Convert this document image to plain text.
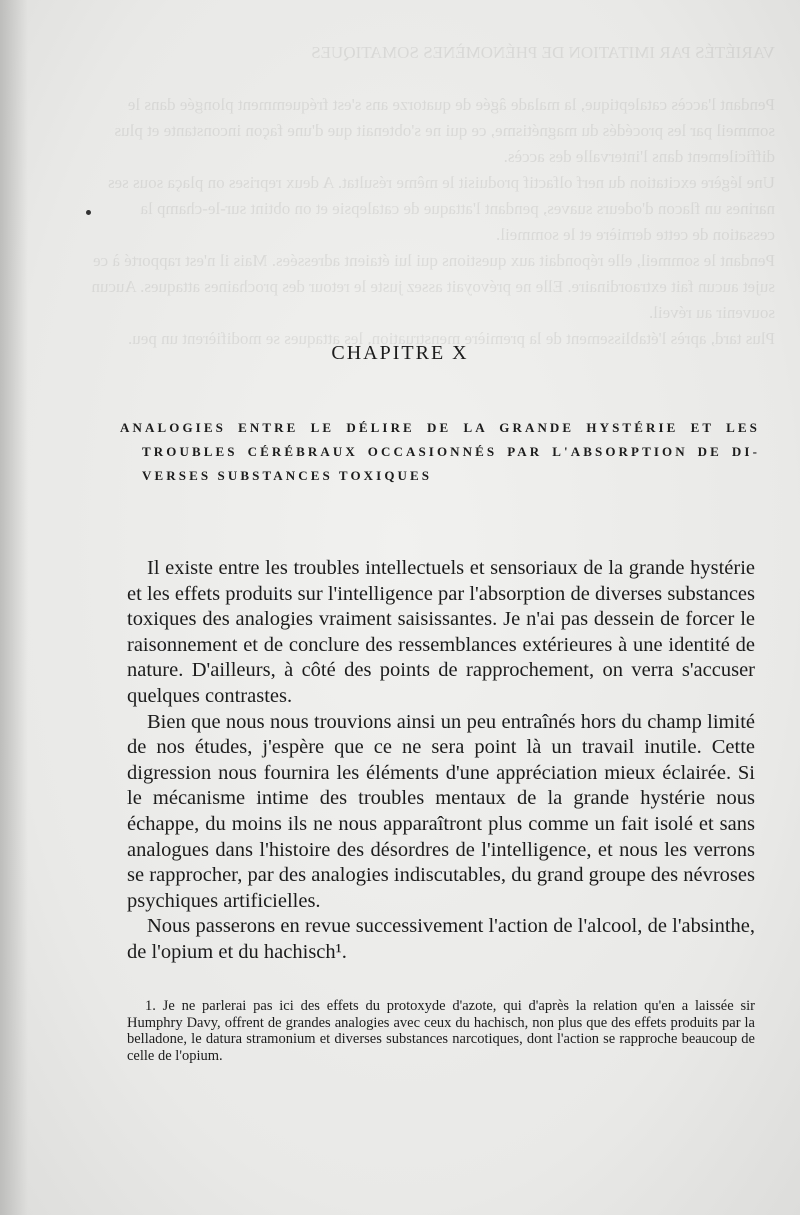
VARIÉTÉS PAR IMITATION DE PHÉNOMÈNES SOMATIQUES

Pendant l'accès cataleptique, la malade âgée de quatorze ans s'est fréquemment plongée dans le sommeil par les procédés du magnétisme, ce qui ne s'obtenait que d'une façon inconstante et plus difficilement dans l'intervalle des accès.
Une légère excitation du nerf olfactif produisit le même résultat. A deux reprises on plaça sous ses narines un flacon d'odeurs suaves, pendant l'attaque de catalepsie et on obtint sur-le-champ la cessation de cette dernière et le sommeil.
Pendant le sommeil, elle répondait aux questions qui lui étaient adressées. Mais il n'est rapporté à ce sujet aucun fait extraordinaire. Elle ne prévoyait assez juste le retour des prochaines attaques. Aucun souvenir au réveil.
Plus tard, après l'établissement de la première menstruation, les attaques se modifièrent un peu.
CHAPITRE X
ANALOGIES ENTRE LE DÉLIRE DE LA GRANDE HYSTÉRIE ET LES
TROUBLES CÉRÉBRAUX OCCASIONNÉS PAR L'ABSORPTION DE DI-
VERSES SUBSTANCES TOXIQUES

Il existe entre les troubles intellectuels et sensoriaux de la grande hystérie et les effets produits sur l'intelligence par l'absorption de diverses substances toxiques des analogies vraiment saisissantes. Je n'ai pas dessein de forcer le raisonnement et de conclure des ressemblances extérieures à une identité de nature. D'ailleurs, à côté des points de rapprochement, on verra s'accuser quelques contrastes.

Bien que nous nous trouvions ainsi un peu entraînés hors du champ limité de nos études, j'espère que ce ne sera point là un travail inutile. Cette digression nous fournira les éléments d'une appréciation mieux éclairée. Si le mécanisme intime des troubles mentaux de la grande hystérie nous échappe, du moins ils ne nous apparaîtront plus comme un fait isolé et sans analogues dans l'histoire des désordres de l'intelligence, et nous les verrons se rapprocher, par des analogies indiscutables, du grand groupe des névroses psychiques artificielles.

Nous passerons en revue successivement l'action de l'alcool, de l'absinthe, de l'opium et du hachisch¹.

1. Je ne parlerai pas ici des effets du protoxyde d'azote, qui d'après la relation qu'en a laissée sir Humphry Davy, offrent de grandes analogies avec ceux du hachisch, non plus que des effets produits par la belladone, le datura stramonium et diverses substances narcotiques, dont l'action se rapproche beaucoup de celle de l'opium.
